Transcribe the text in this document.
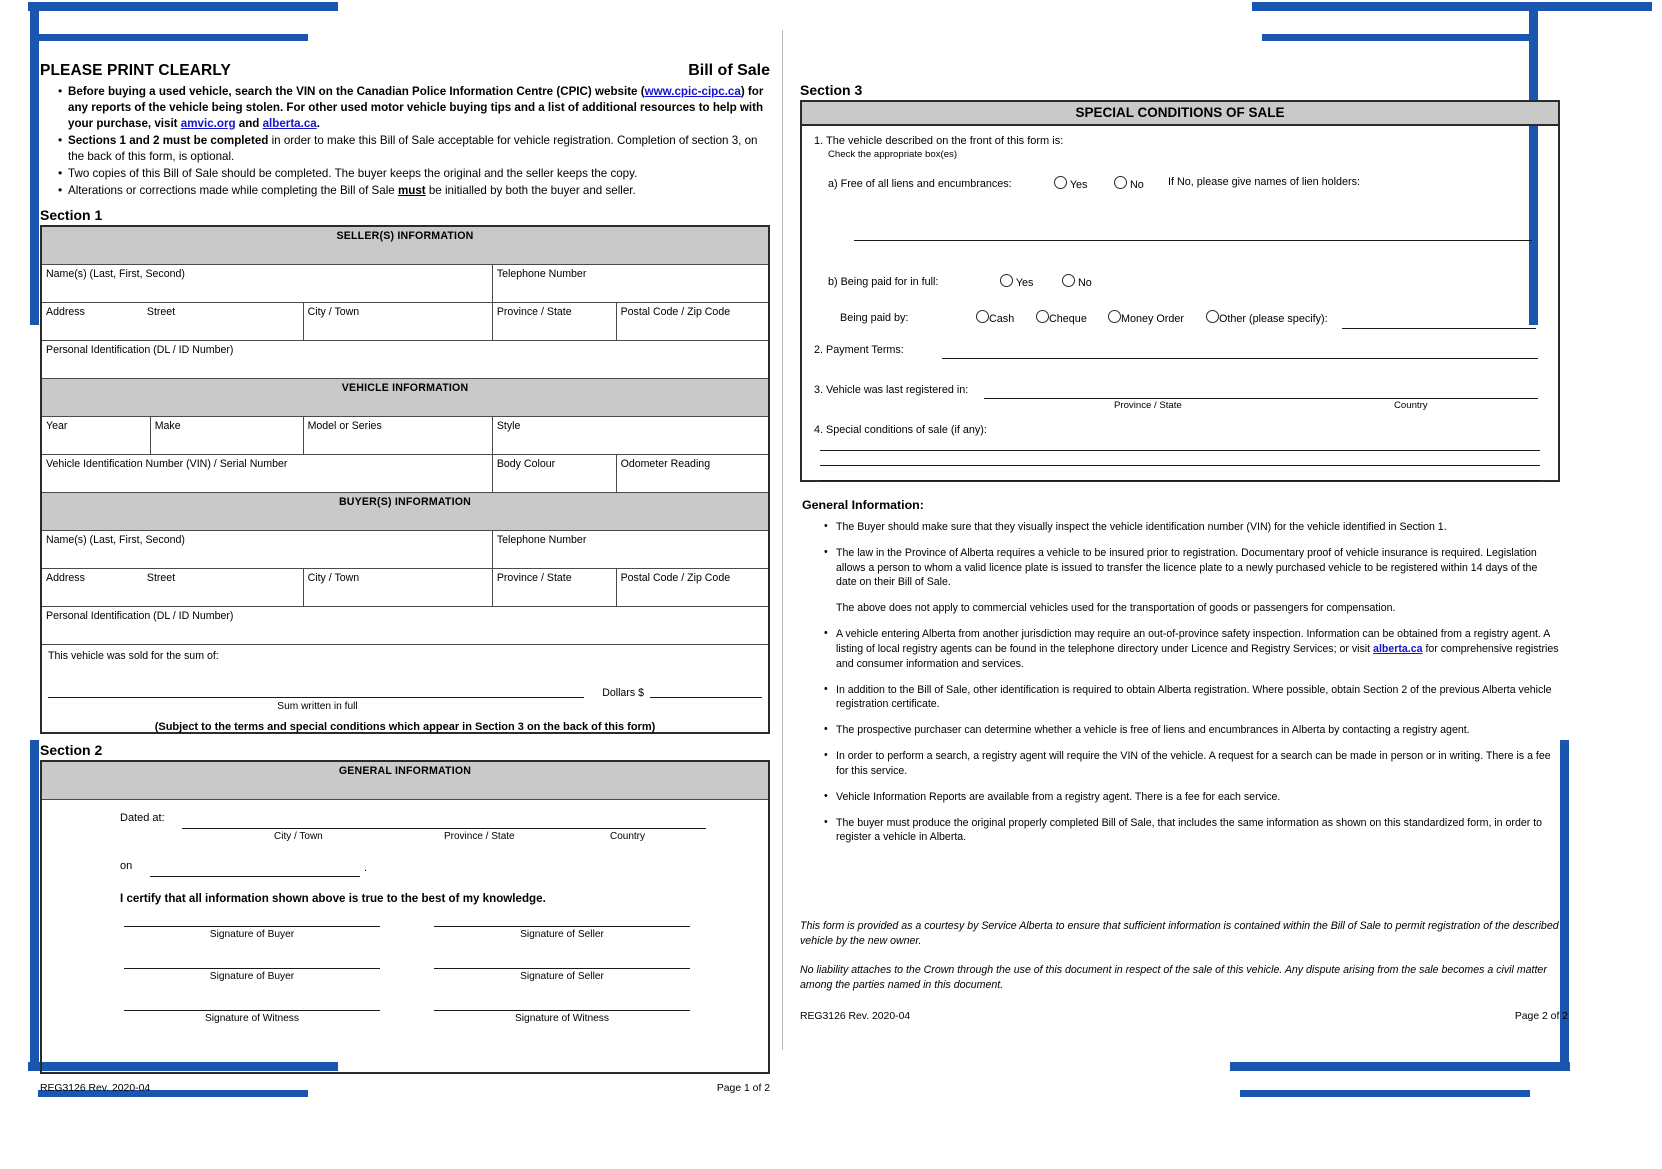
PLEASE PRINT CLEARLY	Bill of Sale
• Before buying a used vehicle, search the VIN on the Canadian Police Information Centre (CPIC) website (www.cpic-cipc.ca) for any reports of the vehicle being stolen. For other used motor vehicle buying tips and a list of additional resources to help with your purchase, visit amvic.org and alberta.ca.
• Sections 1 and 2 must be completed in order to make this Bill of Sale acceptable for vehicle registration. Completion of section 3, on the back of this form, is optional.
• Two copies of this Bill of Sale should be completed. The buyer keeps the original and the seller keeps the copy.
• Alterations or corrections made while completing the Bill of Sale must be initialled by both the buyer and seller.
Section 1
SELLER(S) INFORMATION				
Name(s) (Last, First, Second)			Telephone Number	
Address Street		City / Town	Province / State	Postal Code / Zip Code
Personal Identification (DL / ID Number)				
VEHICLE INFORMATION				
Year	Make	Model or Series	Style	
Vehicle Identification Number (VIN) / Serial Number			Body Colour	Odometer Reading
BUYER(S) INFORMATION				
Name(s) (Last, First, Second)			Telephone Number	
Address Street		City / Town	Province / State	Postal Code / Zip Code
Personal Identification (DL / ID Number)				

This vehicle was sold for the sum of:
Dollars $
Sum written in full
(Subject to the terms and special conditions which appear in Section 3 on the back of this form)				
Section 2
GENERAL INFORMATION
Dated at:
City / Town	Province / State	Country
on	.
I certify that all information shown above is true to the best of my knowledge.
Signature of Buyer	Signature of Seller
Signature of Buyer	Signature of Seller
Signature of Witness	Signature of Witness
REG3126 Rev. 2020-04	Page 1 of 2
Section 3
SPECIAL CONDITIONS OF SALE
1. The vehicle described on the front of this form is:
Check the appropriate box(es)
a) Free of all liens and encumbrances:	Yes	No If No, please give names of lien holders:
b) Being paid for in full:	Yes	No
Being paid by:	Cash	Cheque	Money Order	Other (please specify):
2. Payment Terms:
3. Vehicle was last registered in:
Province / State	Country
4. Special conditions of sale (if any):
General Information:
• The Buyer should make sure that they visually inspect the vehicle identification number (VIN) for the vehicle identified in Section 1.
• The law in the Province of Alberta requires a vehicle to be insured prior to registration. Documentary proof of vehicle insurance is required. Legislation allows a person to whom a valid licence plate is issued to transfer the licence plate to a newly purchased vehicle to be registered within 14 days of the date on their Bill of Sale.

The above does not apply to commercial vehicles used for the transportation of goods or passengers for compensation.

• A vehicle entering Alberta from another jurisdiction may require an out-of-province safety inspection. Information can be obtained from a registry agent. A listing of local registry agents can be found in the telephone directory under Licence and Registry Services; or visit alberta.ca for comprehensive registries and consumer information and services.
• In addition to the Bill of Sale, other identification is required to obtain Alberta registration. Where possible, obtain Section 2 of the previous Alberta vehicle registration certificate.
• The prospective purchaser can determine whether a vehicle is free of liens and encumbrances in Alberta by contacting a registry agent.
• In order to perform a search, a registry agent will require the VIN of the vehicle. A request for a search can be made in person or in writing. There is a fee for this service.
• Vehicle Information Reports are available from a registry agent. There is a fee for each service.
• The buyer must produce the original properly completed Bill of Sale, that includes the same information as shown on this standardized form, in order to register a vehicle in Alberta.

This form is provided as a courtesy by Service Alberta to ensure that sufficient information is contained within the Bill of Sale to permit registration of the described vehicle by the new owner.

No liability attaches to the Crown through the use of this document in respect of the sale of this vehicle. Any dispute arising from the sale becomes a civil matter among the parties named in this document.

REG3126 Rev. 2020-04	Page 2 of 2
